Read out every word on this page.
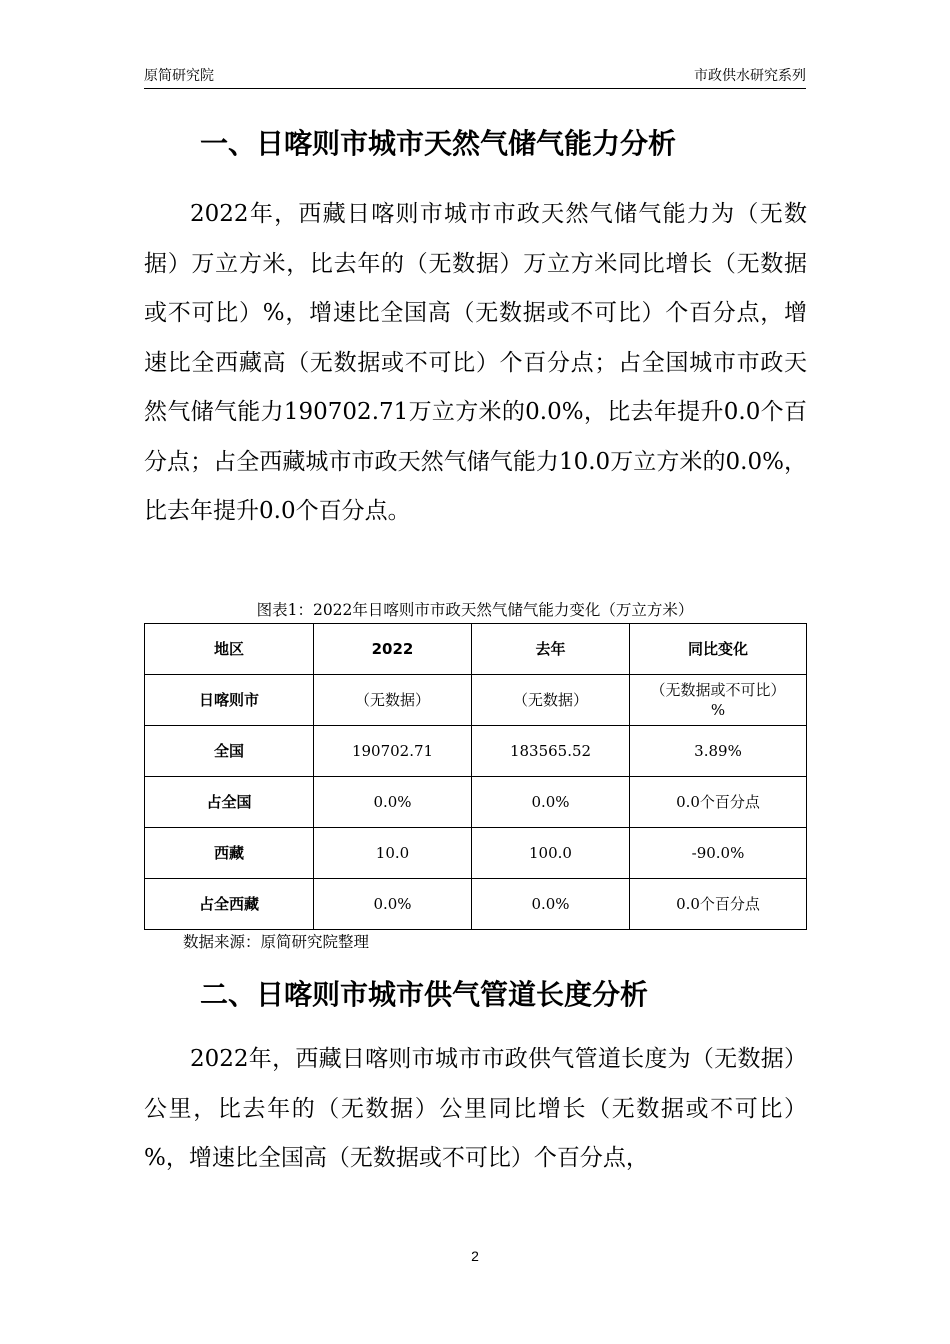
原简研究院	市政供水研究系列
一、日喀则市城市天然气储气能力分析

2022年，西藏日喀则市城市市政天然气储气能力为（无数据）万立方米，比去年的（无数据）万立方米同比增长（无数据或不可比）%，增速比全国高（无数据或不可比）个百分点，增速比全西藏高（无数据或不可比）个百分点；占全国城市市政天然气储气能力190702.71万立方米的0.0%，比去年提升0.0个百分点；占全西藏城市市政天然气储气能力10.0万立方米的0.0%，比去年提升0.0个百分点。

图表1：2022年日喀则市市政天然气储气能力变化（万立方米）
地区	2022	去年	同比变化
日喀则市	（无数据）	（无数据）	（无数据或不可比）%
全国	190702.71	183565.52	3.89%
占全国	0.0%	0.0%	0.0个百分点
西藏	10.0	100.0	-90.0%
占全西藏	0.0%	0.0%	0.0个百分点
数据来源：原简研究院整理
二、日喀则市城市供气管道长度分析

2022年，西藏日喀则市城市市政供气管道长度为（无数据）公里，比去年的（无数据）公里同比增长（无数据或不可比）%，增速比全国高（无数据或不可比）个百分点，

2
